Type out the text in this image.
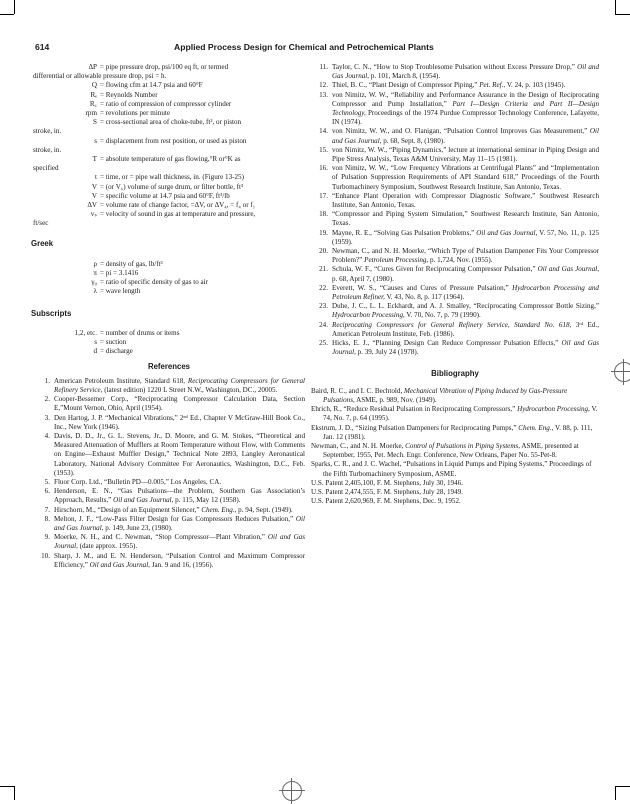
614	Applied Process Design for Chemical and Petrochemical Plants
ΔP = pipe pressure drop, psi/100 eq ft, or termed
differential or allowable pressure drop, psi = h.
Q = flowing cfm at 14.7 psia and 60°F
Rₑ = Reynolds Number
R꜀ = ratio of compression of compressor cylinder
rpm = revolutions per minute
S = cross-sectional area of choke-tube, ft², or piston
stroke, in.
s = displacement from rest position, or used as piston
stroke, in.
T = absolute temperature of gas flowing,°R or°K as
specified
t = time, or = pipe wall thickness, in. (Figure 13-25)
V = (or V꜀) volume of surge drum, or filter bottle, ft³
V = specific volume at 14.7 psia and 60°F, ft³/lb
ΔV = volume rate of change factor, =ΔV, or ΔV₄, = f₄ or f₁
vₛ = velocity of sound in gas at temperature and pressure,
ft/sec
Greek
ρ = density of gas, lb/ft³
π = pi = 3.1416
γ₀ = ratio of specific density of gas to air
λ = wave length
Subscripts
1,2, etc. = number of drums or items
s = suction
d = discharge
References
1. American Petroleum Institute, Standard 618, Reciprocating Compressors for General Refinery Service, (latest edition) 1220 L Street N.W., Washington, DC., 20005.
2. Cooper-Bessemer Corp., “Reciprocating Compressor Calculation Data, Section E,”Mount Vernon, Ohio, April (1954).
3. Den Hartog, J. P. “Mechanical Vibrations,” 2ⁿᵈ Ed., Chapter V McGraw-Hill Book Co., Inc., New York (1946).
4. Davis, D. D., Jr., G. L. Stevens, Jr., D. Moore, and G. M. Stokes, “Theoretical and Measured Attenuation of Mufflers at Room Temperature without Flow, with Comments on Engine—Exhaust Muffler Design,” Technical Note 2893, Langley Aeronautical Laboratory, National Advisory Committee For Aeronautics, Washington, D.C., Feb. (1953).
5. Fluor Corp. Ltd., “Bulletin PD—0.005,” Los Angeles, CA.
6. Henderson, E. N., “Gas Pulsations—the Problem, Southern Gas Association’s Approach, Results,” Oil and Gas Journal, p. 115, May 12 (1958).
7. Hirschorn, M., “Design of an Equipment Silencer,” Chem. Eng., p. 94, Sept. (1949).
8. Melton, J. F., “Low-Pass Filter Design for Gas Compressors Reduces Pulsation,” Oil and Gas Journal, p. 149, June 23, (1980).
9. Moerke, N. H., and C. Newman, “Stop Compressor—Plant Vibration,” Oil and Gas Journal, (date approx. 1955).
10. Sharp, J. M., and E. N. Henderson, “Pulsation Control and Maximum Compressor Efficiency,” Oil and Gas Journal, Jan. 9 and 16, (1956).
11. Taylor, C. N., “How to Stop Troublesome Pulsation without Excess Pressure Drop,” Oil and Gas Journal, p. 101, March 8, (1954).
12. Thiel, B. C., “Plant Design of Compressor Piping,” Pet. Ref., V. 24, p. 103 (1945).
13. von Nimitz, W. W., “Reliability and Performance Assurance in the Design of Reciprocating Compressor and Pump Installation,” Part I—Design Criteria and Part II—Design Technology, Proceedings of the 1974 Purdue Compressor Technology Conference, Lafayette, IN (1974).
14. von Nimitz, W. W., and O. Flanigan, “Pulsation Control Improves Gas Measurement,” Oil and Gas Journal, p. 68, Sept. 8, (1980).
15. von Nimitz, W. W., “Piping Dynamics,” lecture at international seminar in Piping Design and Pipe Stress Analysis, Texas A&M University, May 11–15 (1981).
16. von Nimitz, W. W., “Low Frequency Vibrations at Centrifugal Plants” and “Implementation of Pulsation Suppression Requirements of API Standard 618,” Proceedings of the Fourth Turbomachinery Symposium, Southwest Research Institute, San Antonio, Texas.
17. “Enhance Plant Operation with Compressor Diagnostic Software,” Southwest Research Institute, San Antonio, Texas.
18. “Compressor and Piping System Simulation,” Southwest Research Institute, San Antonio, Texas.
19. Mayne, R. E., “Solving Gas Pulsation Problems,” Oil and Gas Journal, V. 57, No. 11, p. 125 (1959).
20. Newman, C., and N. H. Moerke, “Which Type of Pulsation Dampener Fits Your Compressor Problem?” Petroleum Processing, p. 1,724, Nov. (1955).
21. Schula, W. F., “Cures Given for Reciprocating Compressor Pulsation,” Oil and Gas Journal, p. 68, April 7, (1980).
22. Everett, W. S., “Causes and Cures of Pressure Pulsation,” Hydrocarbon Processing and Petroleum Refiner, V. 43, No. 8, p. 117 (1964).
23. Duhe, J. C., L. L. Eckhardt, and A. J. Smalley, “Reciprocating Compressor Bottle Sizing,” Hydrocarbon Processing, V. 70, No. 7, p. 79 (1990).
24. Reciprocating Compressors for General Refinery Service, Standard No. 618, 3ʳᵈ Ed., American Petroleum Institute, Feb. (1986).
25. Hicks, E. J., “Planning Design Can Reduce Compressor Pulsation Effects,” Oil and Gas Journal, p. 39, July 24 (1978).
Bibliography
Baird, R. C., and I. C. Bechtold, Mechanical Vibration of Piping Induced by Gas-Pressure Pulsations, ASME, p. 989, Nov. (1949).
Ehrich, R., “Reduce Residual Pulsation in Reciprocating Compressors,” Hydrocarbon Processing, V. 74, No. 7, p. 64 (1995).
Ekstrum, J. D., “Sizing Pulsation Dampeners for Reciprocating Pumps,” Chem. Eng., V. 88, p. 111, Jan. 12 (1981).
Newman, C., and N. H. Moerke, Control of Pulsations in Piping Systems, ASME, presented at September, 1955, Pet. Mech. Engr. Conference, New Orleans, Paper No. 55-Pet-8.
Sparks, C. R., and J. C. Wachel, “Pulsations in Liquid Pumps and Piping Systems,” Proceedings of the Fifth Turbomachinery Symposium, ASME.
U.S. Patent 2,405,100, F. M. Stephens, July 30, 1946.
U.S. Patent 2,474,555, F. M. Stephens, July 28, 1949.
U.S. Patent 2,620,969, F. M. Stephens, Dec. 9, 1952.
